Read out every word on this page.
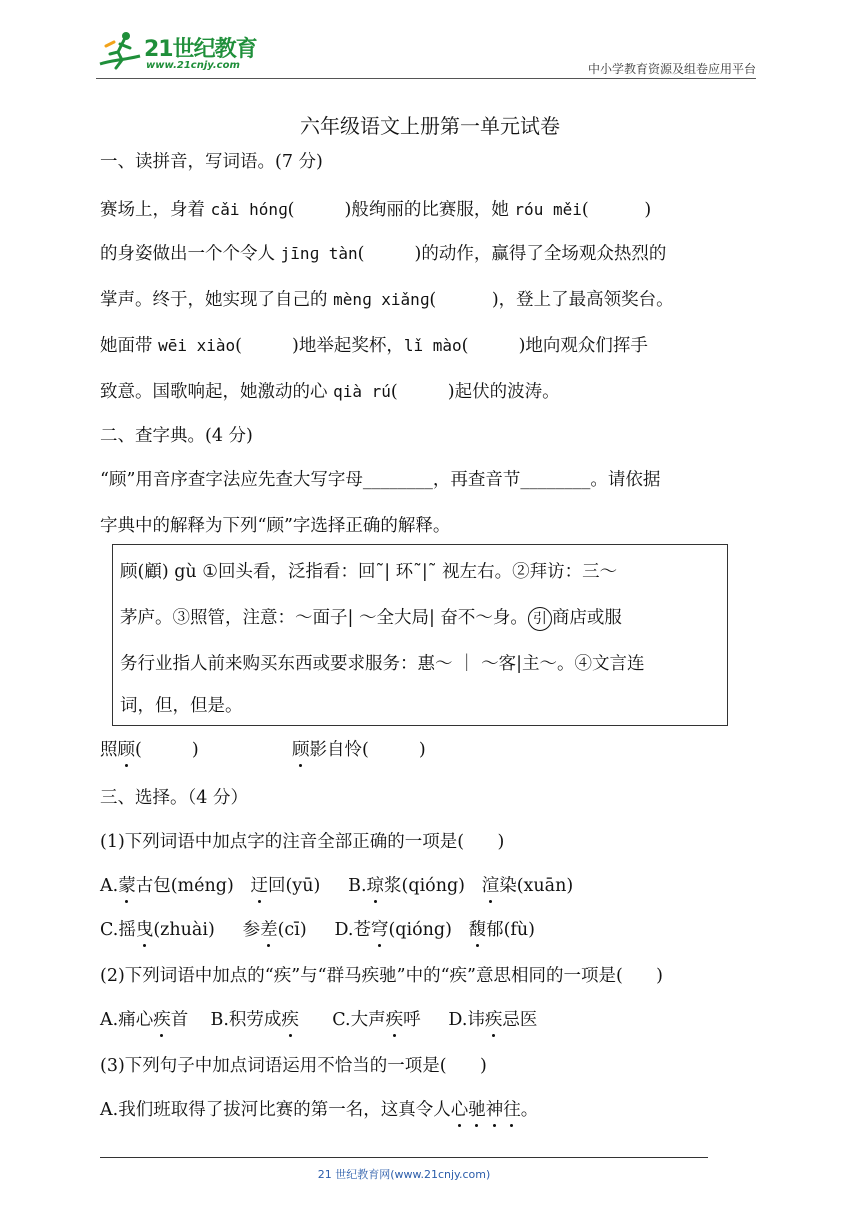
21世纪教育
www.21cnjy.com	中小学教育资源及组卷应用平台
六年级语文上册第一单元试卷
一、读拼音，写词语。(7 分)
赛场上，身着 cǎi hónɡ(         )般绚丽的比赛服，她 róu měi(          )
的身姿做出一个个令人 jīnɡ tàn(         )的动作，赢得了全场观众热烈的
掌声。终于，她实现了自己的 mènɡ xiǎnɡ(          )，登上了最高领奖台。
她面带 wēi xiào(         )地举起奖杯，lǐ mào(         )地向观众们挥手
致意。国歌响起，她激动的心 qià rú(         )起伏的波涛。
二、查字典。(4 分)
“顾”用音序查字法应先查大写字母________，再查音节________。请依据
字典中的解释为下列“顾”字选择正确的解释。
顾(顧) gù ①回头看，泛指看：回˜| 环˜|˜ 视左右。②拜访：三～
茅庐。③照管，注意：～面子| ～全大局| 奋不～身。 引 商店或服
务行业指人前来购买东西或要求服务：惠～ ｜ ～客|主～。④文言连
词，但，但是。
照顾(         )	顾影自怜(         )
三、选择。（4 分）
(1)下列词语中加点字的注音全部正确的一项是(      )
A.蒙古包(méng)   迂回(yū)     B.琼浆(qióng)   渲染(xuān)
C.摇曳(zhuài)     参差(cī)     D.苍穹(qióng)   馥郁(fù)
(2)下列词语中加点的“疾”与“群马疾驰”中的“疾”意思相同的一项是(      )
A.痛心疾首    B.积劳成疾      C.大声疾呼     D.讳疾忌医
(3)下列句子中加点词语运用不恰当的一项是(      )
A.我们班取得了拔河比赛的第一名，这真令人心驰神往。
21 世纪教育网(www.21cnjy.com)
